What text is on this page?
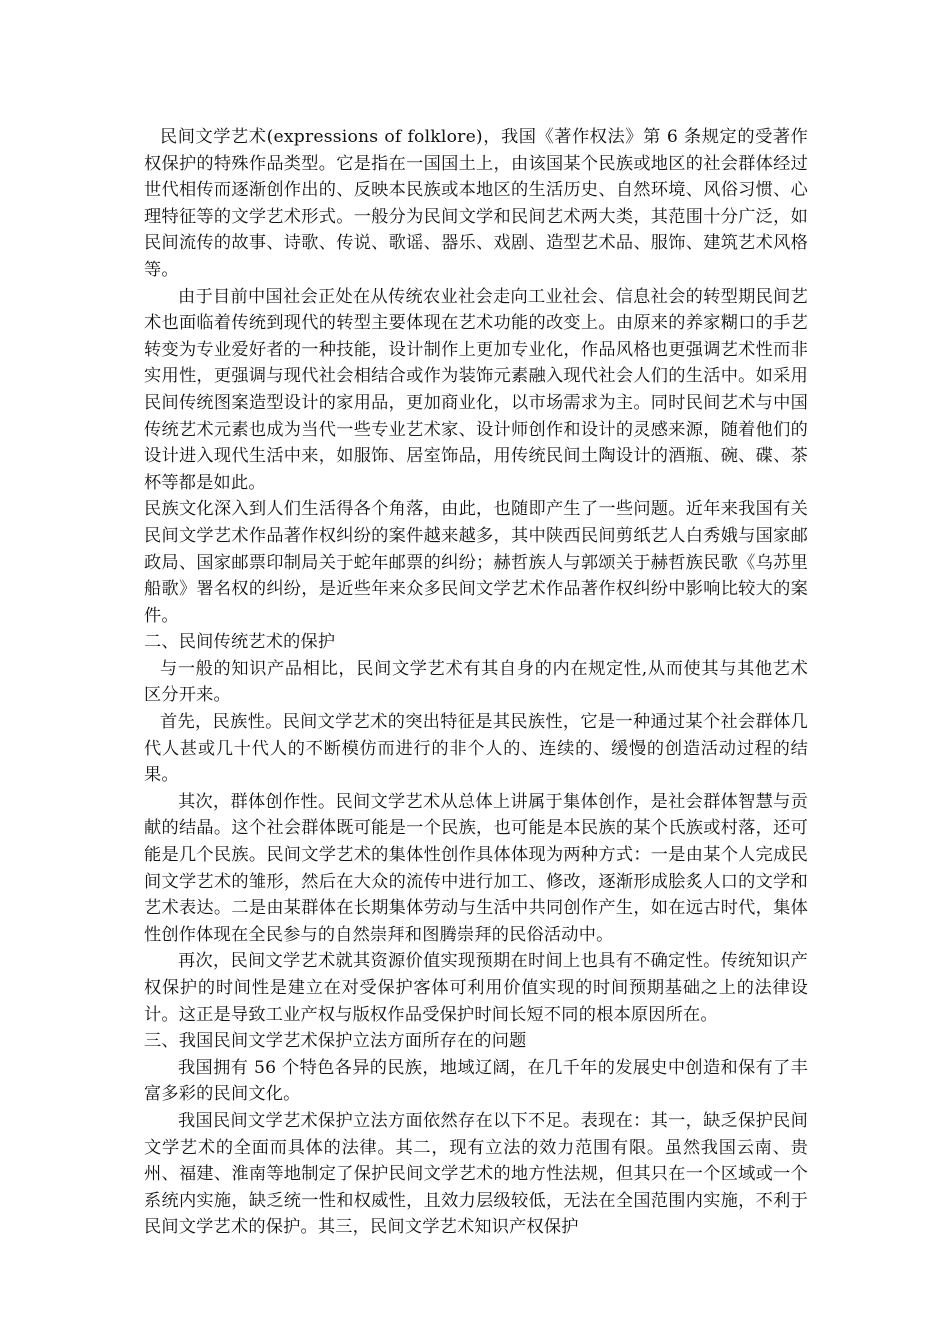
民间文学艺术(expressions of folklore)，我国《著作权法》第 6 条规定的受著作权保护的特殊作品类型。它是指在一国国土上，由该国某个民族或地区的社会群体经过世代相传而逐渐创作出的、反映本民族或本地区的生活历史、自然环境、风俗习惯、心理特征等的文学艺术形式。一般分为民间文学和民间艺术两大类，其范围十分广泛，如民间流传的故事、诗歌、传说、歌谣、器乐、戏剧、造型艺术品、服饰、建筑艺术风格等。

由于目前中国社会正处在从传统农业社会走向工业社会、信息社会的转型期民间艺术也面临着传统到现代的转型主要体现在艺术功能的改变上。由原来的养家糊口的手艺转变为专业爱好者的一种技能，设计制作上更加专业化，作品风格也更强调艺术性而非实用性，更强调与现代社会相结合或作为装饰元素融入现代社会人们的生活中。如采用民间传统图案造型设计的家用品，更加商业化，以市场需求为主。同时民间艺术与中国传统艺术元素也成为当代一些专业艺术家、设计师创作和设计的灵感来源，随着他们的设计进入现代生活中来，如服饰、居室饰品，用传统民间土陶设计的酒瓶、碗、碟、茶杯等都是如此。

民族文化深入到人们生活得各个角落，由此，也随即产生了一些问题。近年来我国有关民间文学艺术作品著作权纠纷的案件越来越多，其中陕西民间剪纸艺人白秀娥与国家邮政局、国家邮票印制局关于蛇年邮票的纠纷；赫哲族人与郭颂关于赫哲族民歌《乌苏里船歌》署名权的纠纷，是近些年来众多民间文学艺术作品著作权纠纷中影响比较大的案件。

二、民间传统艺术的保护

与一般的知识产品相比，民间文学艺术有其自身的内在规定性,从而使其与其他艺术区分开来。

首先，民族性。民间文学艺术的突出特征是其民族性，它是一种通过某个社会群体几代人甚或几十代人的不断模仿而进行的非个人的、连续的、缓慢的创造活动过程的结果。

其次，群体创作性。民间文学艺术从总体上讲属于集体创作，是社会群体智慧与贡献的结晶。这个社会群体既可能是一个民族，也可能是本民族的某个氏族或村落，还可能是几个民族。民间文学艺术的集体性创作具体体现为两种方式：一是由某个人完成民间文学艺术的雏形，然后在大众的流传中进行加工、修改，逐渐形成脍炙人口的文学和艺术表达。二是由某群体在长期集体劳动与生活中共同创作产生，如在远古时代，集体性创作体现在全民参与的自然崇拜和图腾崇拜的民俗活动中。

再次，民间文学艺术就其资源价值实现预期在时间上也具有不确定性。传统知识产权保护的时间性是建立在对受保护客体可利用价值实现的时间预期基础之上的法律设计。这正是导致工业产权与版权作品受保护时间长短不同的根本原因所在。

三、我国民间文学艺术保护立法方面所存在的问题

我国拥有 56 个特色各异的民族，地域辽阔，在几千年的发展史中创造和保有了丰富多彩的民间文化。

我国民间文学艺术保护立法方面依然存在以下不足。表现在：其一，缺乏保护民间文学艺术的全面而具体的法律。其二，现有立法的效力范围有限。虽然我国云南、贵州、福建、淮南等地制定了保护民间文学艺术的地方性法规，但其只在一个区域或一个系统内实施，缺乏统一性和权威性，且效力层级较低，无法在全国范围内实施，不利于民间文学艺术的保护。其三，民间文学艺术知识产权保护
